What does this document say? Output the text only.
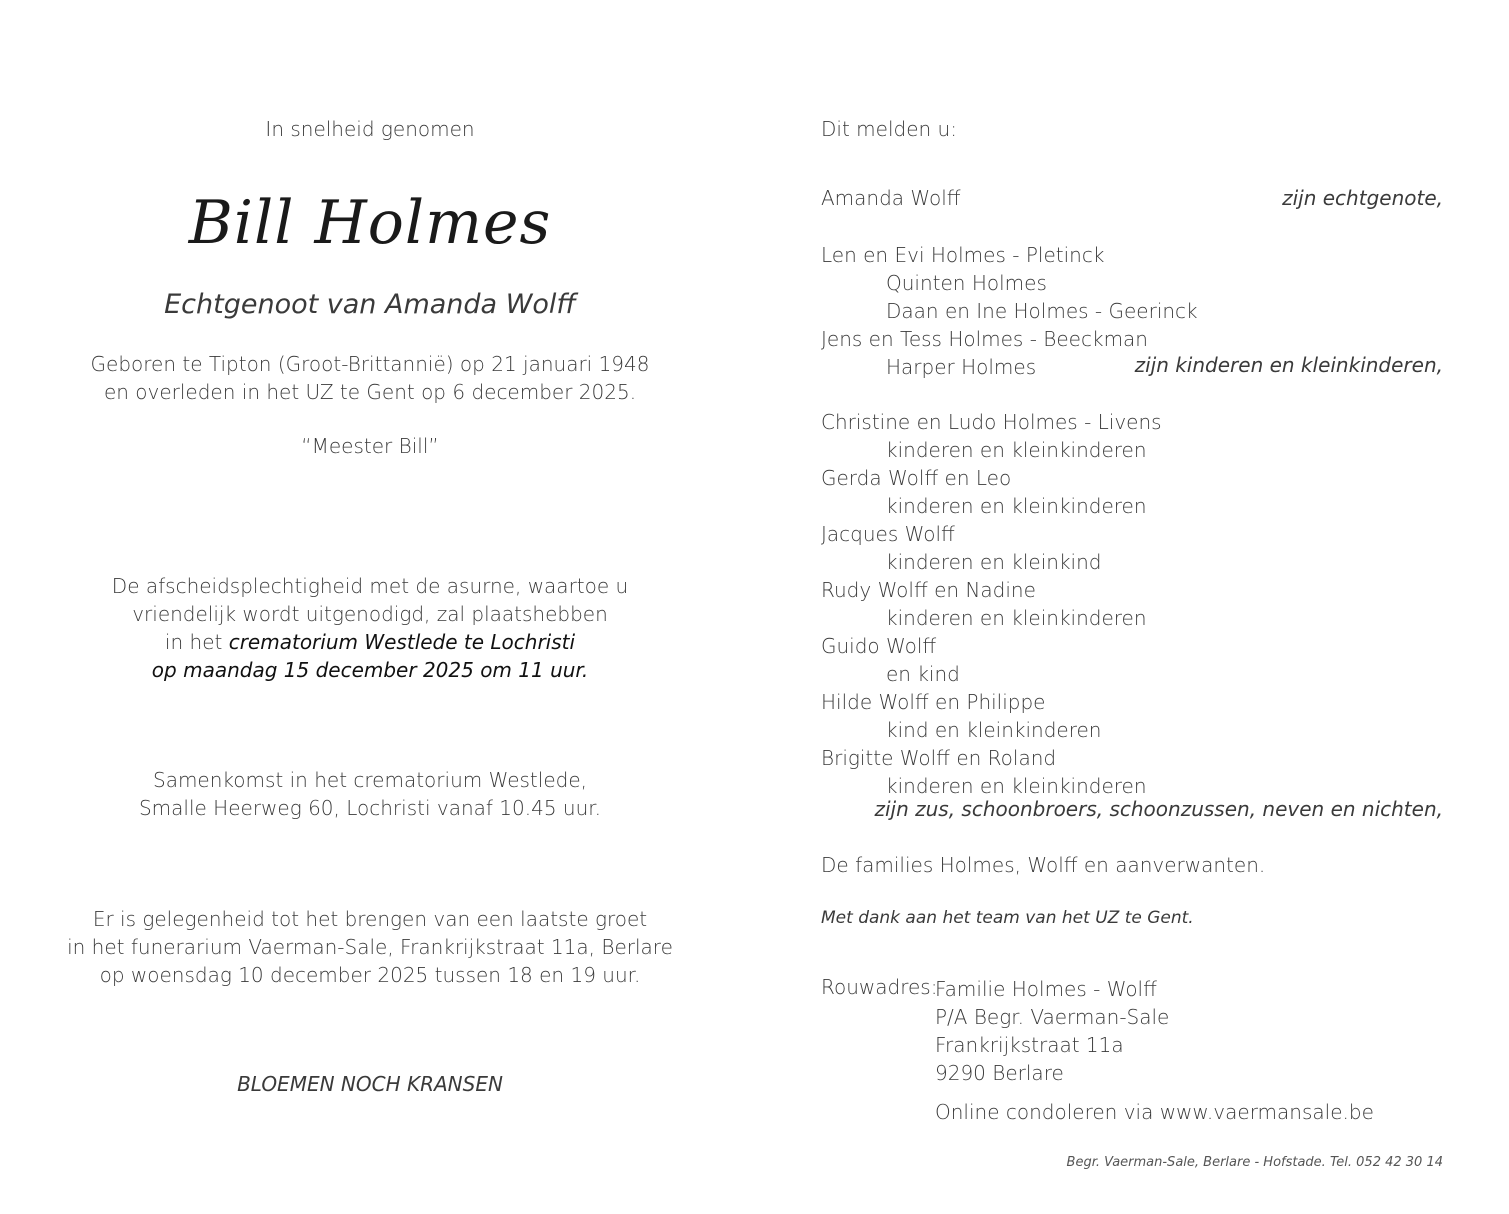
In snelheid genomen
Bill Holmes
Echtgenoot van Amanda Wolff
Geboren te Tipton (Groot-Brittannië) op 21 januari 1948
en overleden in het UZ te Gent op 6 december 2025.
“Meester Bill”
De afscheidsplechtigheid met de asurne, waartoe u
vriendelijk wordt uitgenodigd, zal plaatshebben
in het crematorium Westlede te Lochristi
op maandag 15 december 2025 om 11 uur.
Samenkomst in het crematorium Westlede,
Smalle Heerweg 60, Lochristi vanaf 10.45 uur.
Er is gelegenheid tot het brengen van een laatste groet
in het funerarium Vaerman-Sale, Frankrijkstraat 11a, Berlare
op woensdag 10 december 2025 tussen 18 en 19 uur.
BLOEMEN NOCH KRANSEN
Dit melden u:
Amanda Wolff	zijn echtgenote,
Len en Evi Holmes - Pletinck
Quinten Holmes
Daan en Ine Holmes - Geerinck
Jens en Tess Holmes - Beeckman
Harper Holmes	zijn kinderen en kleinkinderen,
Christine en Ludo Holmes - Livens
kinderen en kleinkinderen
Gerda Wolff en Leo
kinderen en kleinkinderen
Jacques Wolff
kinderen en kleinkind
Rudy Wolff en Nadine
kinderen en kleinkinderen
Guido Wolff
en kind
Hilde Wolff en Philippe
kind en kleinkinderen
Brigitte Wolff en Roland
kinderen en kleinkinderen
zijn zus, schoonbroers, schoonzussen, neven en nichten,
De families Holmes, Wolff en aanverwanten.
Met dank aan het team van het UZ te Gent.
Rouwadres:
Familie Holmes - Wolff
P/A Begr. Vaerman-Sale
Frankrijkstraat 11a
9290 Berlare
Online condoleren via www.vaermansale.be
Begr. Vaerman-Sale, Berlare - Hofstade. Tel. 052 42 30 14
